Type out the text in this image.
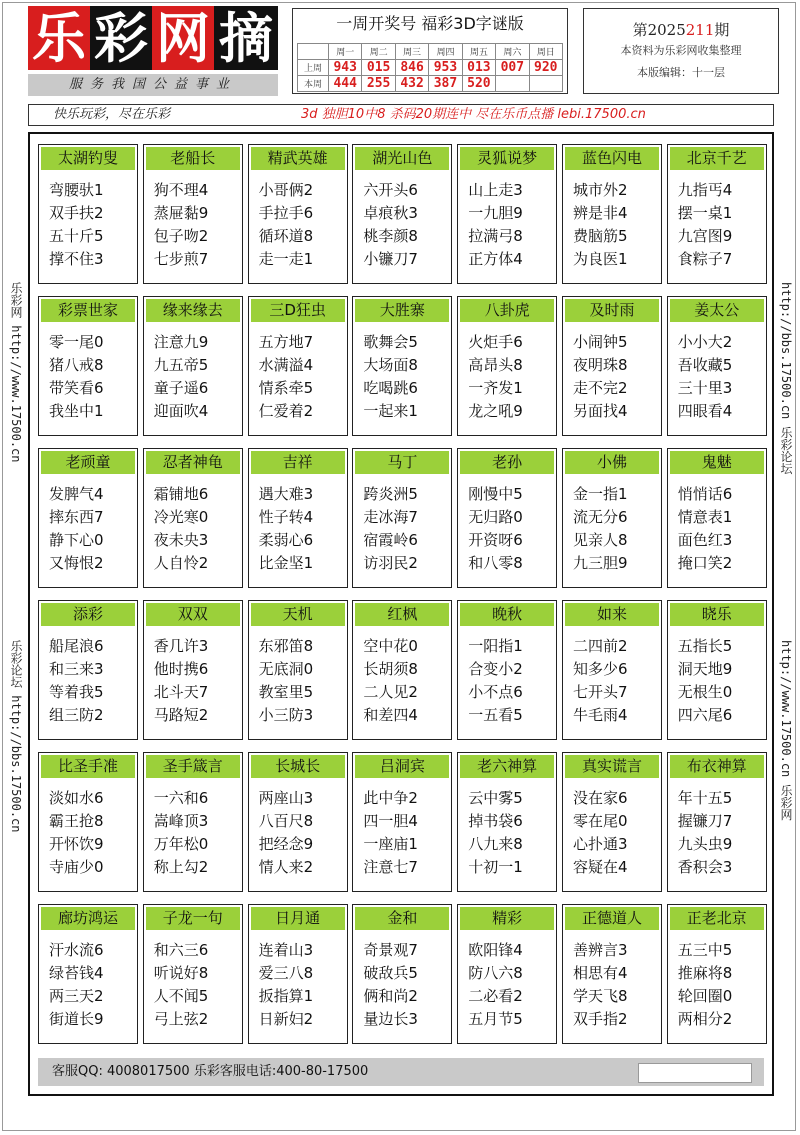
乐 彩 网 摘
服务我国公益事业
一周开奖号 福彩3D字谜版
	周一	周二	周三	周四	周五	周六	周日
上周	943	015	846	953	013	007	920
本周	444	255	432	387	520		
第2025211期
本资料为乐彩网收集整理
本版编辑：十一层
快乐玩彩，尽在乐彩	3d 独胆10中8 杀码20期连中 尽在乐币点播 lebi.17500.cn
乐彩网 http://www.17500.cn
乐彩论坛 http://bbs.17500.cn
http://bbs.17500.cn 乐彩论坛
http://www.17500.cn 乐彩网
太湖钓叟
弯腰驮1
双手扶2
五十斤5
撑不住3
老船长
狗不理4
蒸屉黏9
包子吻2
七步煎7
精武英雄
小哥俩2
手拉手6
循环道8
走一走1
湖光山色
六开头6
卓痕秋3
桃李颜8
小镰刀7
灵狐说梦
山上走3
一九胆9
拉满弓8
正方体4
蓝色闪电
城市外2
辨是非4
费脑筋5
为良医1
北京千艺
九指丐4
摆一桌1
九宫图9
食粽子7
彩票世家
零一尾0
猪八戒8
带笑看6
我坐中1
缘来缘去
注意九9
九五帝5
童子遥6
迎面吹4
三D狂虫
五方地7
水满溢4
情系牵5
仁爱着2
大胜寨
歌舞会5
大场面8
吃喝跳6
一起来1
八卦虎
火炬手6
高昂头8
一齐发1
龙之吼9
及时雨
小闹钟5
夜明珠8
走不完2
另面找4
姜太公
小小大2
吾收藏5
三十里3
四眼看4
老顽童
发脾气4
摔东西7
静下心0
又悔恨2
忍者神龟
霜铺地6
冷光寒0
夜未央3
人自怜2
吉祥
遇大难3
性子转4
柔弱心6
比金坚1
马丁
跨炎洲5
走冰海7
宿霞岭6
访羽民2
老孙
刚慢中5
无归路0
开资呀6
和八零8
小佛
金一指1
流无分6
见亲人8
九三胆9
鬼魅
悄悄话6
情意表1
面色红3
掩口笑2
添彩
船尾浪6
和三来3
等着我5
组三防2
双双
香几许3
他时携6
北斗天7
马路短2
天机
东邪笛8
无底洞0
教室里5
小三防3
红枫
空中花0
长胡须8
二人见2
和差四4
晚秋
一阳指1
合变小2
小不点6
一五看5
如来
二四前2
知多少6
七开头7
牛毛雨4
晓乐
五指长5
洞天地9
无根生0
四六尾6
比圣手准
淡如水6
霸王抢8
开怀饮9
寺庙少0
圣手箴言
一六和6
嵩峰顶3
万年松0
称上勾2
长城长
两座山3
八百尺8
把经念9
情人来2
吕洞宾
此中争2
四一胆4
一座庙1
注意七7
老六神算
云中雾5
掉书袋6
八九来8
十初一1
真实谎言
没在家6
零在尾0
心扑通3
容疑在4
布衣神算
年十五5
握镰刀7
九头虫9
香积会3
廊坊鸿运
汗水流6
绿苔钱4
两三天2
街道长9
子龙一句
和六三6
听说好8
人不闻5
弓上弦2
日月通
连着山3
爱三八8
扳指算1
日新妇2
金和
奇景观7
破敌兵5
俩和尚2
量边长3
精彩
欧阳锋4
防八六8
二必看2
五月节5
正德道人
善辨言3
相思有4
学天飞8
双手指2
正老北京
五三中5
推麻将8
轮回圈0
两相分2
客服QQ: 4008017500 乐彩客服电话:400-80-17500
